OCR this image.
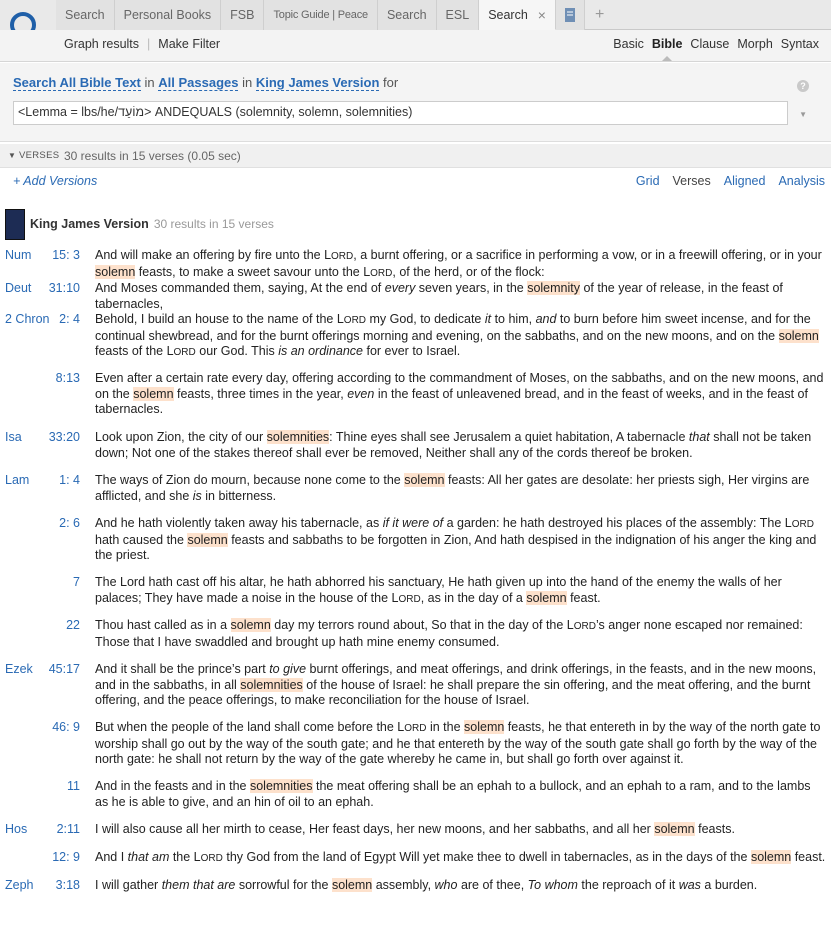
Search Personal Books FSB Topic Guide | Peace Search ESL Search ×	+
Graph results | Make Filter	Basic Bible Clause Morph Syntax
Search All Bible Text in All Passages in King James Version for	?
<Lemma = lbs/he/מוֹעֵד> ANDEQUALS (solemnity, solemn, solemnities)	▼
▼ VERSES 30 results in 15 verses (0.05 sec)
+ Add Versions	Grid Verses Aligned Analysis
King James Version 30 results in 15 verses
Num 15: 3 And will make an offering by fire unto the LORD, a burnt offering, or a sacrifice in performing a vow, or in a freewill offering, or in your solemn feasts, to make a sweet savour unto the LORD, of the herd, or of the flock:
Deut 31:10 And Moses commanded them, saying, At the end of every seven years, in the solemnity of the year of release, in the feast of tabernacles,
2 Chron 2: 4 Behold, I build an house to the name of the LORD my God, to dedicate it to him, and to burn before him sweet incense, and for the continual shewbread, and for the burnt offerings morning and evening, on the sabbaths, and on the new moons, and on the solemn feasts of the LORD our God. This is an ordinance for ever to Israel.
8:13 Even after a certain rate every day, offering according to the commandment of Moses, on the sabbaths, and on the new moons, and on the solemn feasts, three times in the year, even in the feast of unleavened bread, and in the feast of weeks, and in the feast of tabernacles.
Isa 33:20 Look upon Zion, the city of our solemnities: Thine eyes shall see Jerusalem a quiet habitation, A tabernacle that shall not be taken down; Not one of the stakes thereof shall ever be removed, Neither shall any of the cords thereof be broken.
Lam 1: 4 The ways of Zion do mourn, because none come to the solemn feasts: All her gates are desolate: her priests sigh, Her virgins are afflicted, and she is in bitterness.
2: 6 And he hath violently taken away his tabernacle, as if it were of a garden: he hath destroyed his places of the assembly: The LORD hath caused the solemn feasts and sabbaths to be forgotten in Zion, And hath despised in the indignation of his anger the king and the priest.
7 The Lord hath cast off his altar, he hath abhorred his sanctuary, He hath given up into the hand of the enemy the walls of her palaces; They have made a noise in the house of the LORD, as in the day of a solemn feast.
22 Thou hast called as in a solemn day my terrors round about, So that in the day of the LORD’s anger none escaped nor remained: Those that I have swaddled and brought up hath mine enemy consumed.
Ezek 45:17 And it shall be the prince’s part to give burnt offerings, and meat offerings, and drink offerings, in the feasts, and in the new moons, and in the sabbaths, in all solemnities of the house of Israel: he shall prepare the sin offering, and the meat offering, and the burnt offering, and the peace offerings, to make reconciliation for the house of Israel.
46: 9 But when the people of the land shall come before the LORD in the solemn feasts, he that entereth in by the way of the north gate to worship shall go out by the way of the south gate; and he that entereth by the way of the south gate shall go forth by the way of the north gate: he shall not return by the way of the gate whereby he came in, but shall go forth over against it.
11 And in the feasts and in the solemnities the meat offering shall be an ephah to a bullock, and an ephah to a ram, and to the lambs as he is able to give, and an hin of oil to an ephah.
Hos 2:11 I will also cause all her mirth to cease, Her feast days, her new moons, and her sabbaths, and all her solemn feasts.
12: 9 And I that am the LORD thy God from the land of Egypt Will yet make thee to dwell in tabernacles, as in the days of the solemn feast.
Zeph 3:18 I will gather them that are sorrowful for the solemn assembly, who are of thee, To whom the reproach of it was a burden.
